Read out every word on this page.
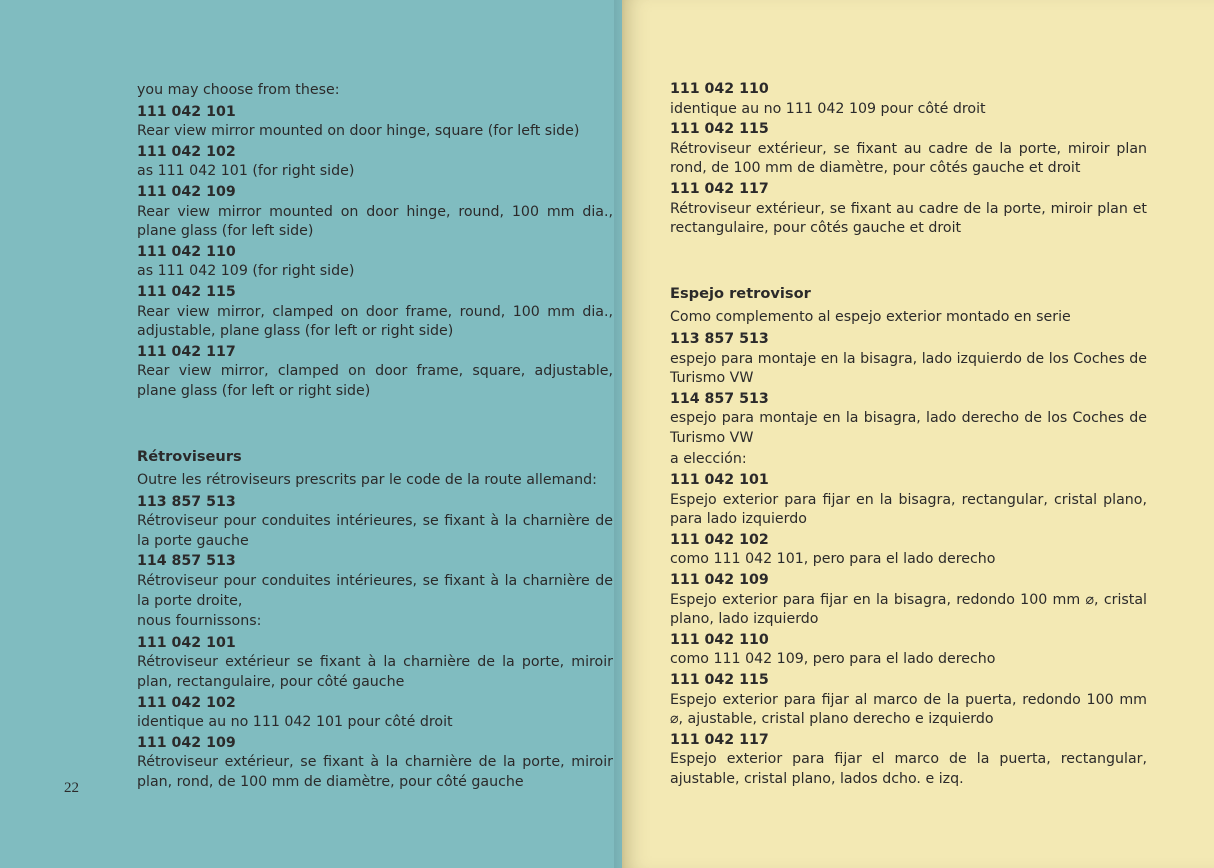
you may choose from these:
111 042 101
Rear view mirror mounted on door hinge, square (for left side)
111 042 102
as 111 042 101 (for right side)
111 042 109
Rear view mirror mounted on door hinge, round, 100 mm dia., plane glass (for left side)
111 042 110
as 111 042 109 (for right side)
111 042 115
Rear view mirror, clamped on door frame, round, 100 mm dia., adjustable, plane glass (for left or right side)
111 042 117
Rear view mirror, clamped on door frame, square, adjustable, plane glass (for left or right side)
Rétroviseurs
Outre les rétroviseurs prescrits par le code de la route allemand:
113 857 513
Rétroviseur pour conduites intérieures, se fixant à la charnière de la porte gauche
114 857 513
Rétroviseur pour conduites intérieures, se fixant à la charnière de la porte droite,
nous fournissons:
111 042 101
Rétroviseur extérieur se fixant à la charnière de la porte, miroir plan, rectangulaire, pour côté gauche
111 042 102
identique au no 111 042 101 pour côté droit
111 042 109
Rétroviseur extérieur, se fixant à la charnière de la porte, miroir plan, rond, de 100 mm de diamètre, pour côté gauche
22
111 042 110
identique au no 111 042 109 pour côté droit
111 042 115
Rétroviseur extérieur, se fixant au cadre de la porte, miroir plan rond, de 100 mm de diamètre, pour côtés gauche et droit
111 042 117
Rétroviseur extérieur, se fixant au cadre de la porte, miroir plan et rectangulaire, pour côtés gauche et droit
Espejo retrovisor
Como complemento al espejo exterior montado en serie
113 857 513
espejo para montaje en la bisagra, lado izquierdo de los Coches de Turismo VW
114 857 513
espejo para montaje en la bisagra, lado derecho de los Coches de Turismo VW
a elección:
111 042 101
Espejo exterior para fijar en la bisagra, rectangular, cristal plano, para lado izquierdo
111 042 102
como 111 042 101, pero para el lado derecho
111 042 109
Espejo exterior para fijar en la bisagra, redondo 100 mm ⌀, cristal plano, lado izquierdo
111 042 110
como 111 042 109, pero para el lado derecho
111 042 115
Espejo exterior para fijar al marco de la puerta, redondo 100 mm ⌀, ajustable, cristal plano derecho e izquierdo
111 042 117
Espejo exterior para fijar el marco de la puerta, rectangular, ajustable, cristal plano, lados dcho. e izq.
